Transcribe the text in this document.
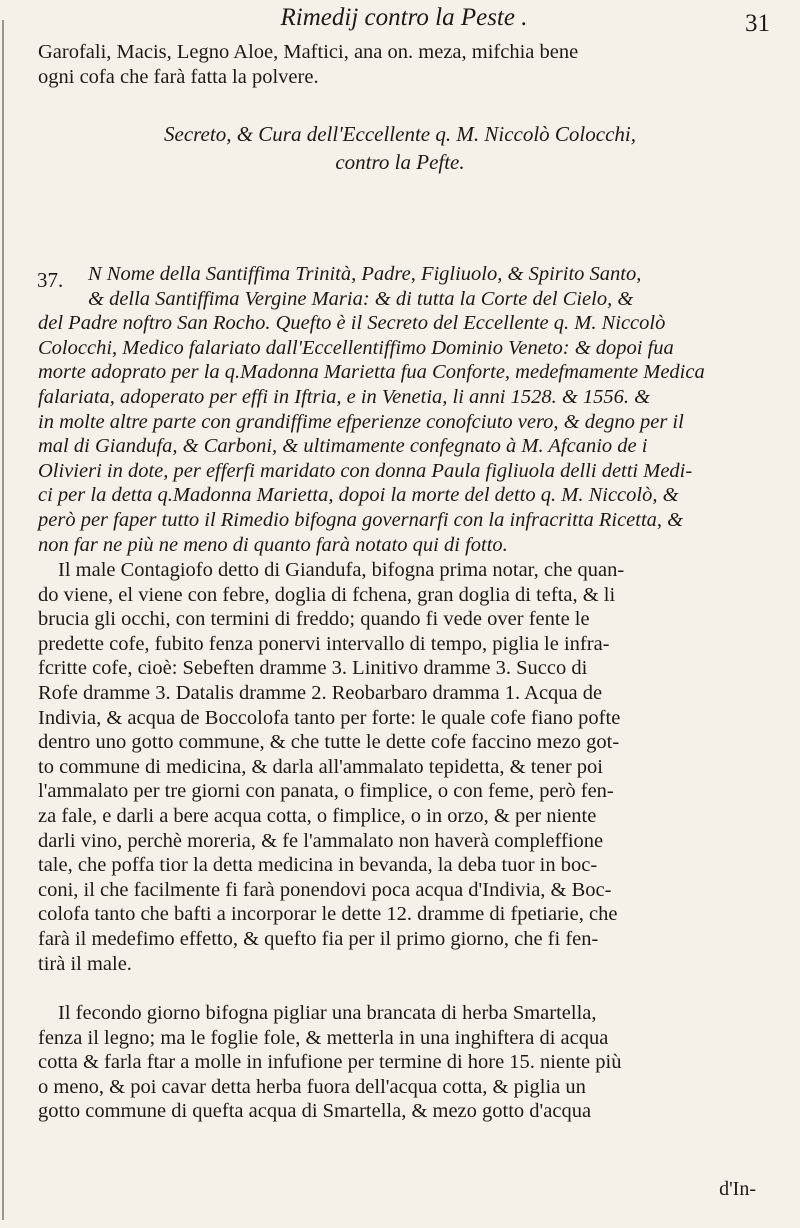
Rimedij contro la Peste .	31
Garofali, Macis, Legno Aloe, Maftici, ana on. meza, mifchia bene
ogni cofa che farà fatta la polvere.
Secreto, & Cura dell'Eccellente q. M. Niccolò Colocchi,
contro la Pefte.
37.	N Nome della Santiffima Trinità, Padre, Figliuolo, & Spirito Santo,
& della Santiffima Vergine Maria: & di tutta la Corte del Cielo, &
del Padre noftro San Rocho. Quefto è il Secreto del Eccellente q. M. Niccolò
Colocchi, Medico falariato dall'Eccellentiffimo Dominio Veneto: & dopoi fua
morte adoprato per la q.Madonna Marietta fua Conforte, medefmamente Medica
falariata, adoperato per effi in Iftria, e in Venetia, li anni 1528. & 1556. &
in molte altre parte con grandiffime efperienze conofciuto vero, & degno per il
mal di Giandufa, & Carboni, & ultimamente confegnato à M. Afcanio de i
Olivieri in dote, per efferfi maridato con donna Paula figliuola delli detti Medi-
ci per la detta q.Madonna Marietta, dopoi la morte del detto q. M. Niccolò, &
però per faper tutto il Rimedio bifogna governarfi con la infracritta Ricetta, &
non far ne più ne meno di quanto farà notato qui di fotto.
Il male Contagiofo detto di Giandufa, bifogna prima notar, che quan-
do viene, el viene con febre, doglia di fchena, gran doglia di tefta, & li
brucia gli occhi, con termini di freddo; quando fi vede over fente le
predette cofe, fubito fenza ponervi intervallo di tempo, piglia le infra-
fcritte cofe, cioè: Sebeften dramme 3. Linitivo dramme 3. Succo di
Rofe dramme 3. Datalis dramme 2. Reobarbaro dramma 1. Acqua de
Indivia, & acqua de Boccolofa tanto per forte: le quale cofe fiano pofte
dentro uno gotto commune, & che tutte le dette cofe faccino mezo got-
to commune di medicina, & darla all'ammalato tepidetta, & tener poi
l'ammalato per tre giorni con panata, o fimplice, o con feme, però fen-
za fale, e darli a bere acqua cotta, o fimplice, o in orzo, & per niente
darli vino, perchè moreria, & fe l'ammalato non haverà compleffione
tale, che poffa tior la detta medicina in bevanda, la deba tuor in boc-
coni, il che facilmente fi farà ponendovi poca acqua d'Indivia, & Boc-
colofa tanto che bafti a incorporar le dette 12. dramme di fpetiarie, che
farà il medefimo effetto, & quefto fia per il primo giorno, che fi fen-
tirà il male.
Il fecondo giorno bifogna pigliar una brancata di herba Smartella,
fenza il legno; ma le foglie fole, & metterla in una inghiftera di acqua
cotta & farla ftar a molle in infufione per termine di hore 15. niente più
o meno, & poi cavar detta herba fuora dell'acqua cotta, & piglia un
gotto commune di quefta acqua di Smartella, & mezo gotto d'acqua
d'In-
